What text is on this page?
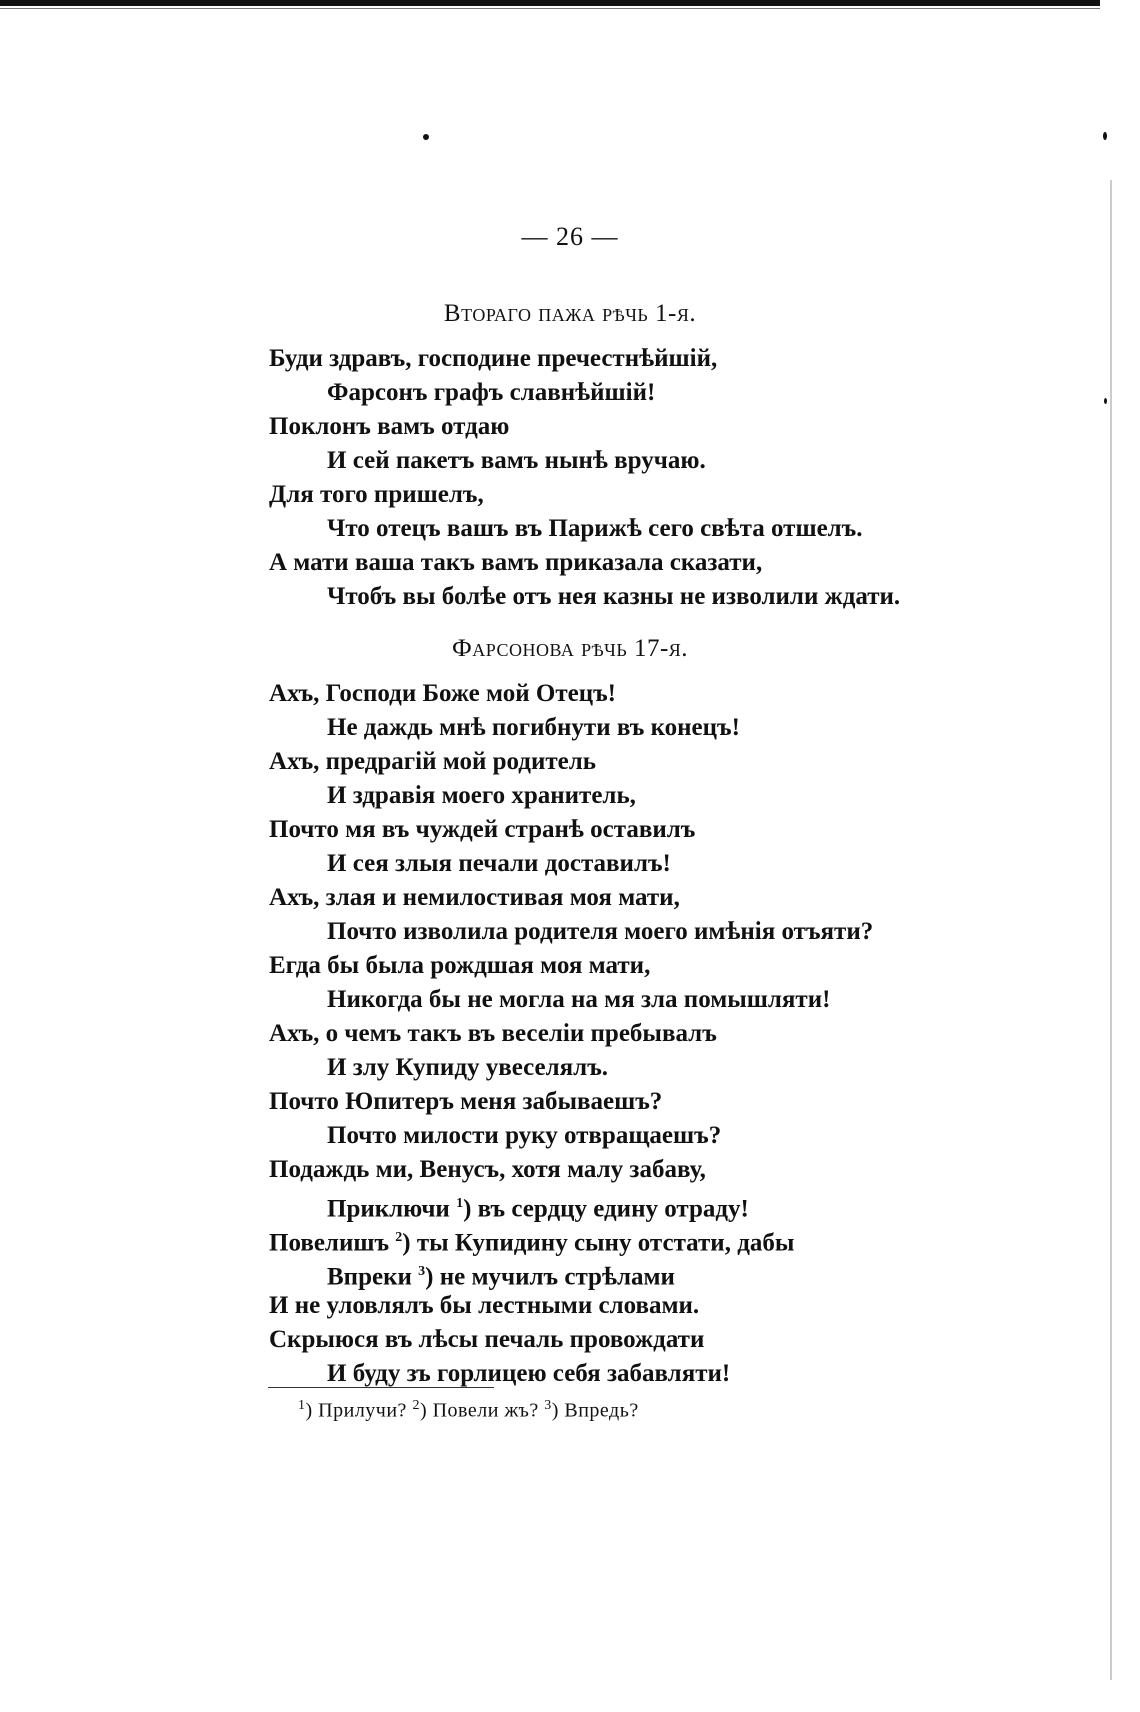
— 26 —
Втораго пажа рѣчь 1-я.
Буди здравъ, господине пречестнѣйшій,
Фарсонъ графъ славнѣйшій!
Поклонъ вамъ отдаю
И сей пакетъ вамъ нынѣ вручаю.
Для того пришелъ,
Что отецъ вашъ въ Парижѣ сего свѣта отшелъ.
А мати ваша такъ вамъ приказала сказати,
Чтобъ вы болѣе отъ нея казны не изволили ждати.
Фарсонова рѣчь 17-я.
Ахъ, Господи Боже мой Отецъ!
Не даждь мнѣ погибнути въ конецъ!
Ахъ, предрагій мой родитель
И здравія моего хранитель,
Почто мя въ чуждей странѣ оставилъ
И сея злыя печали доставилъ!
Ахъ, злая и немилостивая моя мати,
Почто изволила родителя моего имѣнія отъяти?
Егда бы была рождшая моя мати,
Никогда бы не могла на мя зла помышляти!
Ахъ, о чемъ такъ въ веселіи пребывалъ
И злу Купиду увеселялъ.
Почто Юпитеръ меня забываешъ?
Почто милости руку отвращаешъ?
Подаждь ми, Венусъ, хотя малу забаву,
Приключи $^1$) въ сердцу едину отраду!
Повелишъ $^2$) ты Купидину сыну отстати, дабы
Впреки $^3$) не мучилъ стрѣлами
И не уловлялъ бы лестными словами.
Скрыюся въ лѣсы печаль провождати
И буду зъ горлицею себя забавляти!
$^1$) Прилучи? $^2$) Повели жъ? $^3$) Впредь?
